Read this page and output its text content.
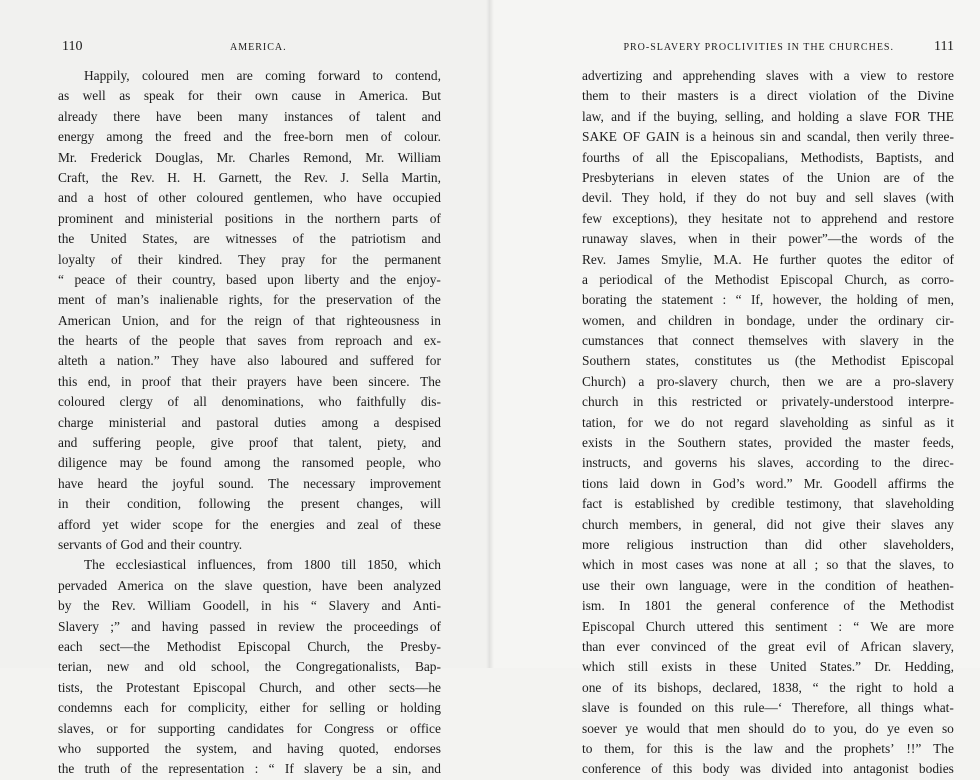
110	AMERICA.
Happily, coloured men are coming forward to contend,
as well as speak for their own cause in America. But
already there have been many instances of talent and
energy among the freed and the free-born men of colour.
Mr. Frederick Douglas, Mr. Charles Remond, Mr. William
Craft, the Rev. H. H. Garnett, the Rev. J. Sella Martin,
and a host of other coloured gentlemen, who have occupied
prominent and ministerial positions in the northern parts of
the United States, are witnesses of the patriotism and
loyalty of their kindred. They pray for the permanent
“ peace of their country, based upon liberty and the enjoy-
ment of man’s inalienable rights, for the preservation of the
American Union, and for the reign of that righteousness in
the hearts of the people that saves from reproach and ex-
alteth a nation.” They have also laboured and suffered for
this end, in proof that their prayers have been sincere. The
coloured clergy of all denominations, who faithfully dis-
charge ministerial and pastoral duties among a despised
and suffering people, give proof that talent, piety, and
diligence may be found among the ransomed people, who
have heard the joyful sound. The necessary improvement
in their condition, following the present changes, will
afford yet wider scope for the energies and zeal of these
servants of God and their country.
The ecclesiastical influences, from 1800 till 1850, which
pervaded America on the slave question, have been analyzed
by the Rev. William Goodell, in his “ Slavery and Anti-
Slavery ;” and having passed in review the proceedings of
each sect—the Methodist Episcopal Church, the Presby-
terian, new and old school, the Congregationalists, Bap-
tists, the Protestant Episcopal Church, and other sects—he
condemns each for complicity, either for selling or holding
slaves, or for supporting candidates for Congress or office
who supported the system, and having quoted, endorses
the truth of the representation : “ If slavery be a sin, and
PRO-SLAVERY PROCLIVITIES IN THE CHURCHES.	111
advertizing and apprehending slaves with a view to restore
them to their masters is a direct violation of the Divine
law, and if the buying, selling, and holding a slave FOR THE
SAKE OF GAIN is a heinous sin and scandal, then verily three-
fourths of all the Episcopalians, Methodists, Baptists, and
Presbyterians in eleven states of the Union are of the
devil. They hold, if they do not buy and sell slaves (with
few exceptions), they hesitate not to apprehend and restore
runaway slaves, when in their power”—the words of the
Rev. James Smylie, M.A. He further quotes the editor of
a periodical of the Methodist Episcopal Church, as corro-
borating the statement : “ If, however, the holding of men,
women, and children in bondage, under the ordinary cir-
cumstances that connect themselves with slavery in the
Southern states, constitutes us (the Methodist Episcopal
Church) a pro-slavery church, then we are a pro-slavery
church in this restricted or privately-understood interpre-
tation, for we do not regard slaveholding as sinful as it
exists in the Southern states, provided the master feeds,
instructs, and governs his slaves, according to the direc-
tions laid down in God’s word.” Mr. Goodell affirms the
fact is established by credible testimony, that slaveholding
church members, in general, did not give their slaves any
more religious instruction than did other slaveholders,
which in most cases was none at all ; so that the slaves, to
use their own language, were in the condition of heathen-
ism. In 1801 the general conference of the Methodist
Episcopal Church uttered this sentiment : “ We are more
than ever convinced of the great evil of African slavery,
which still exists in these United States.” Dr. Hedding,
one of its bishops, declared, 1838, “ the right to hold a
slave is founded on this rule—‘ Therefore, all things what-
soever ye would that men should do to you, do ye even so
to them, for this is the law and the prophets’ !!” The
conference of this body was divided into antagonist bodies
